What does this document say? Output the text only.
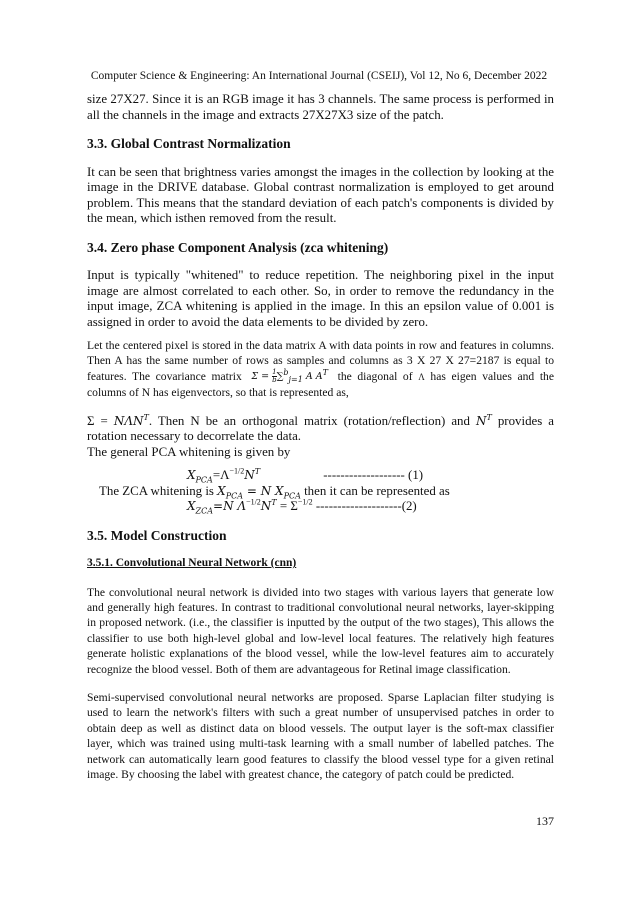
Computer Science & Engineering: An International Journal (CSEIJ), Vol 12, No 6, December 2022

size 27X27. Since it is an RGB image it has 3 channels. The same process is performed in all the channels in the image and extracts 27X27X3 size of the patch.

3.3. Global Contrast Normalization

It can be seen that brightness varies amongst the images in the collection by looking at the image in the DRIVE database. Global contrast normalization is employed to get around problem. This means that the standard deviation of each patch's components is divided by the mean, which isthen removed from the result.

3.4. Zero phase Component Analysis (zca whitening)

Input is typically "whitened" to reduce repetition. The neighboring pixel in the input image are almost correlated to each other. So, in order to remove the redundancy in the input image, ZCA whitening is applied in the image. In this an epsilon value of 0.001 is assigned in order to avoid the data elements to be divided by zero.

Let the centered pixel is stored in the data matrix A with data points in row and features in columns. Then A has the same number of rows as samples and columns as 3 X 27 X 27=2187 is equal to features. The covariance matrix $\Sigma = \frac{1}{b} \sum^b_{j=1}$ A $A^T$ the diagonal of Λ has eigen values and the columns of N has eigenvectors, so that is represented as,

$\Sigma = N\Lambda N^T$. Then N be an orthogonal matrix (rotation/reflection) and $N^T$ provides a rotation necessary to decorrelate the data.

The general PCA whitening is given by

$X_{PCA}=\Lambda^{-1/2}N^T$	------------------- (1)
The ZCA whitening is $X_{PCA} = N$ $X_{PCA}$ then it can be represented as
$X_{ZCA}=N$ $\Lambda^{-1/2}N^T = \Sigma^{-1/2}$ --------------------(2)
3.5. Model Construction
3.5.1. Convolutional Neural Network (cnn)

The convolutional neural network is divided into two stages with various layers that generate low and generally high features. In contrast to traditional convolutional neural networks, layer-skipping in proposed network. (i.e., the classifier is inputted by the output of the two stages), This allows the classifier to use both high-level global and low-level local features. The relatively high features generate holistic explanations of the blood vessel, while the low-level features aim to accurately recognize the blood vessel. Both of them are advantageous for Retinal image classification.

Semi-supervised convolutional neural networks are proposed. Sparse Laplacian filter studying is used to learn the network's filters with such a great number of unsupervised patches in order to obtain deep as well as distinct data on blood vessels. The output layer is the soft-max classifier layer, which was trained using multi-task learning with a small number of labelled patches. The network can automatically learn good features to classify the blood vessel type for a given retinal image. By choosing the label with greatest chance, the category of patch could be predicted.

137
